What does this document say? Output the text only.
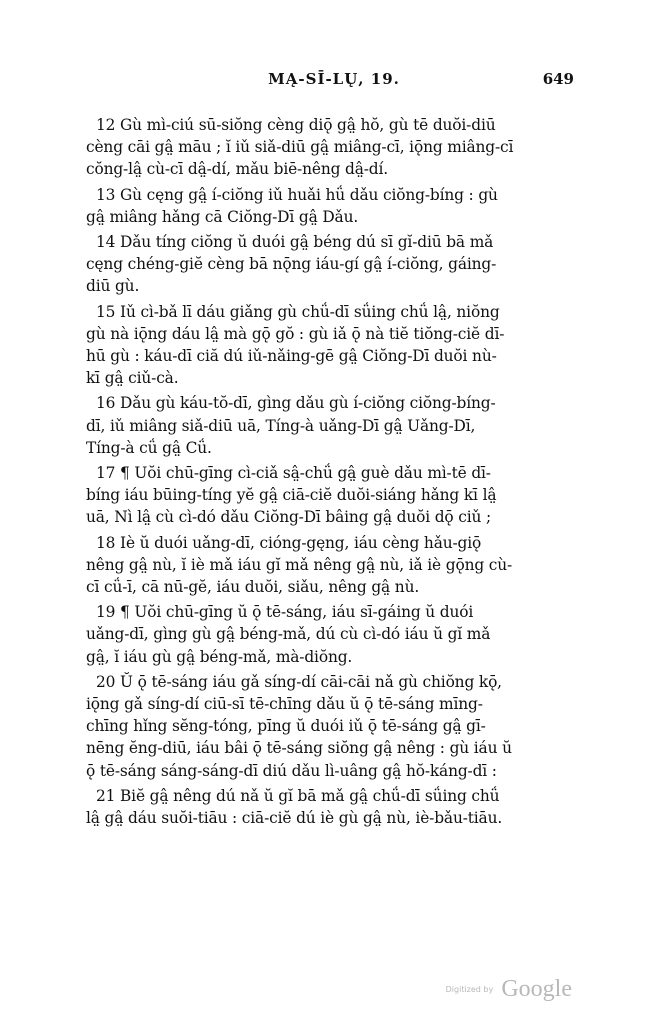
MĄ-SĪ-LŲ, 19.	649
12 Gù mì-ciú sū-siŏng cèng diǭ gâ̤ hŏ, gù tē duŏi-diū
cèng cāi gâ̤ māu ; ĭ iǔ siǎ-diū gâ̤ miâng-cī, iǭng miâng-cī
cŏng-lâ̤ cù-cī dâ̤-dí, mǎu biē-nêng dâ̤-dí.
13 Gù cęng gâ̤ í-ciŏng iǔ huǎi hǘ dǎu ciŏng-bíng : gù
gâ̤ miâng hǎng cā Ciŏng-Dī gâ̤ Dǎu.
14 Dǎu tíng ciŏng ŭ duói gâ̤ béng dú sī gĭ-diū bā mǎ
cęng chéng-giĕ cèng bā nǭng iáu-gí gâ̤ í-ciŏng, gáing-
diū gù.
15 Iǔ cì-bǎ lī dáu giǎng gù chǘ-dī sǘing chǘ lâ̤, niŏng
gù nà iǭng dáu lâ̤ mà gǭ gŏ : gù iǎ ǭ nà tiĕ tiŏng-ciĕ dī-
hū gù : káu-dī ciă dú iǔ-nǎing-gē gâ̤ Ciŏng-Dī duŏi nù-
kī gâ̤ ciǔ-cà.
16 Dǎu gù káu-tŏ-dī, gìng dǎu gù í-ciŏng ciŏng-bíng-
dī, iǔ miâng siǎ-diū uā, Tíng-à uǎng-Dī gâ̤ Uǎng-Dī,
Tíng-à cǘ gâ̤ Cǘ.
17 ¶ Uŏi chū-gīng cì-ciǎ sâ̤-chǘ gâ̤ guè dǎu mì-tē dī-
bíng iáu būing-tíng yĕ gâ̤ ciā-ciĕ duŏi-siáng hǎng kī lâ̤
uā, Nì lâ̤ cù cì-dó dǎu Ciŏng-Dī bâing gâ̤ duŏi dǭ ciǔ ;
18 Iè ŭ duói uǎng-dī, cióng-gęng, iáu cèng hǎu-giǭ
nêng gâ̤ nù, ĭ iè mǎ iáu gĭ mǎ nêng gâ̤ nù, iǎ iè gǭng cù-
cī cǘ-ī, cā nū-gĕ, iáu duŏi, siǎu, nêng gâ̤ nù.
19 ¶ Uŏi chū-gīng ŭ ǭ tē-sáng, iáu sī-gáing ŭ duói
uǎng-dī, gìng gù gâ̤ béng-mǎ, dú cù cì-dó iáu ŭ gĭ mǎ
gâ̤, ĭ iáu gù gâ̤ béng-mǎ, mà-diŏng.
20 Ŭ ǭ tē-sáng iáu gǎ síng-dí cāi-cāi nǎ gù chiŏng kǭ,
iǭng gǎ síng-dí ciū-sī tē-chīng dǎu ŭ ǭ tē-sáng mīng-
chīng hǐng sĕng-tóng, pīng ŭ duói iǔ ǭ tē-sáng gâ̤ gī-
nēng ĕng-diū, iáu bâi ǭ tē-sáng siŏng gâ̤ nêng : gù iáu ŭ
ǭ tē-sáng sáng-sáng-dī diú dǎu lì-uâng gâ̤ hŏ-káng-dī :
21 Biĕ gâ̤ nêng dú nǎ ŭ gĭ bā mǎ gâ̤ chǘ-dī sǘing chǘ
lâ̤ gâ̤ dáu suŏi-tiāu : ciā-ciĕ dú iè gù gâ̤ nù, iè-bǎu-tiāu.
Digitized by Google
